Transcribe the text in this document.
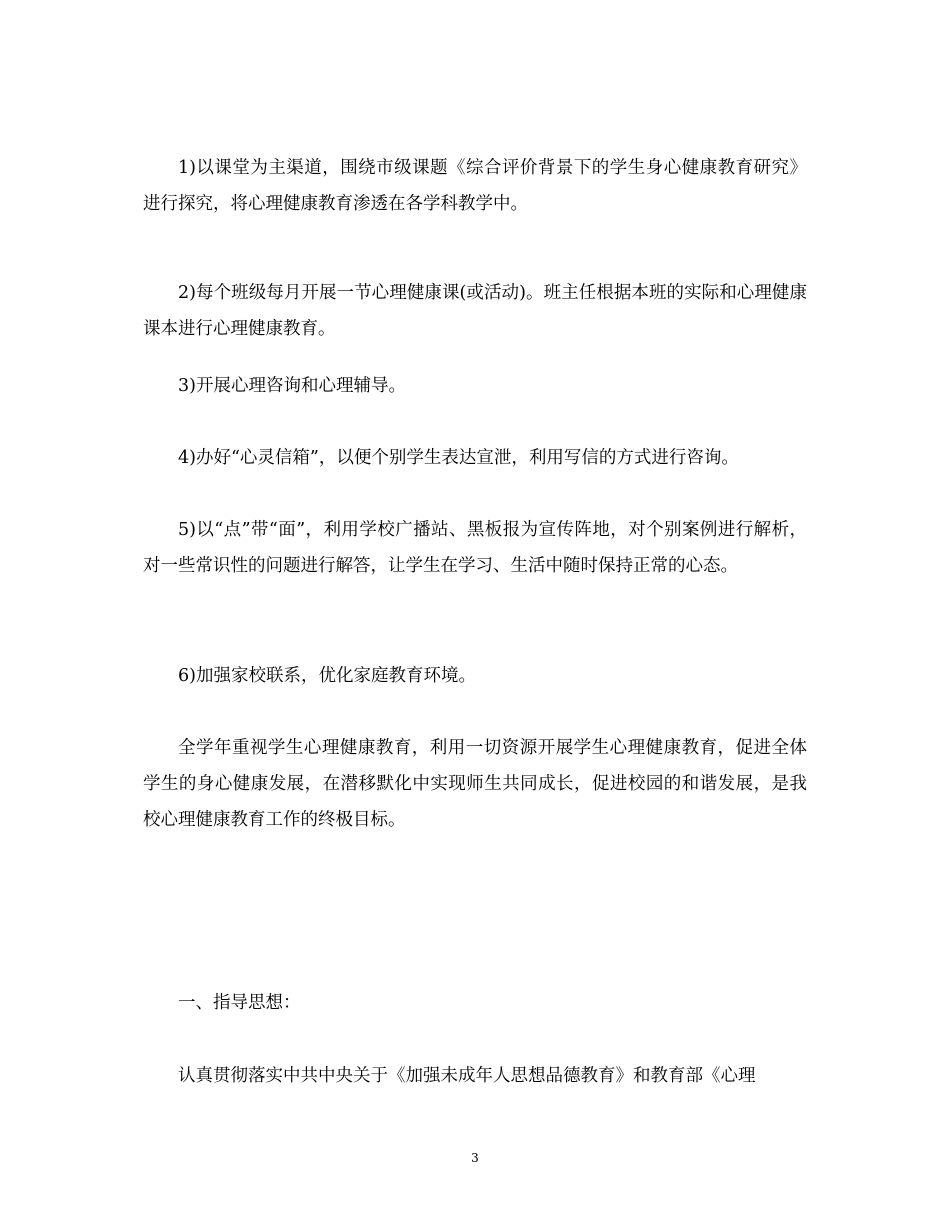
1)以课堂为主渠道，围绕市级课题《综合评价背景下的学生身心健康教育研究》进行探究，将心理健康教育渗透在各学科教学中。

2)每个班级每月开展一节心理健康课(或活动)。班主任根据本班的实际和心理健康课本进行心理健康教育。

3)开展心理咨询和心理辅导。

4)办好“心灵信箱”，以便个别学生表达宣泄，利用写信的方式进行咨询。

5)以“点”带“面”，利用学校广播站、黑板报为宣传阵地，对个别案例进行解析，对一些常识性的问题进行解答，让学生在学习、生活中随时保持正常的心态。

6)加强家校联系，优化家庭教育环境。

全学年重视学生心理健康教育，利用一切资源开展学生心理健康教育，促进全体学生的身心健康发展，在潜移默化中实现师生共同成长，促进校园的和谐发展，是我校心理健康教育工作的终极目标。

一、指导思想：

认真贯彻落实中共中央关于《加强未成年人思想品德教育》和教育部《心理

3
